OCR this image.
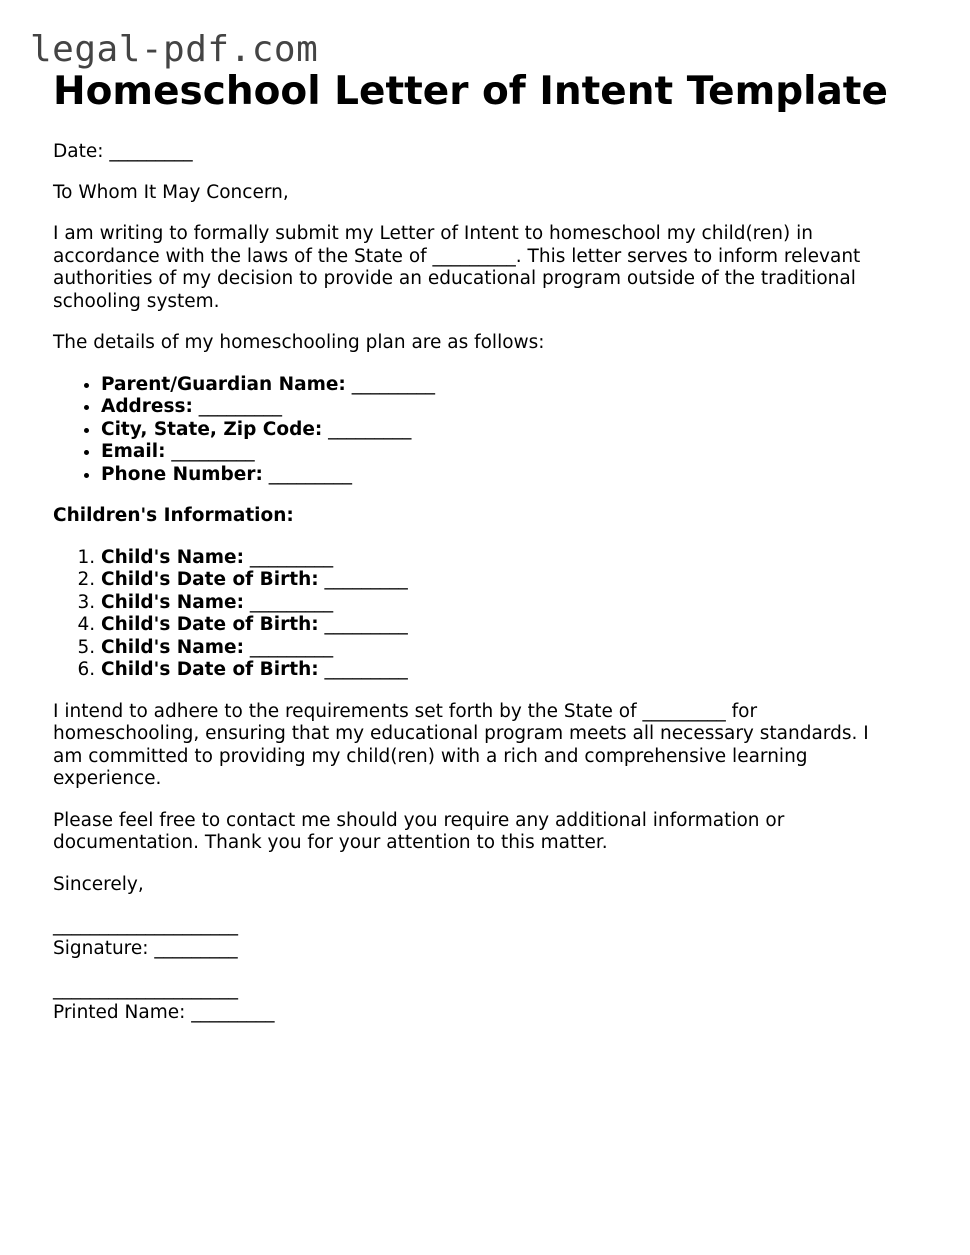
legal-pdf.com
Homeschool Letter of Intent Template

Date: _________

To Whom It May Concern,

I am writing to formally submit my Letter of Intent to homeschool my child(ren) in accordance with the laws of the State of _________. This letter serves to inform relevant authorities of my decision to provide an educational program outside of the traditional schooling system.

The details of my homeschooling plan are as follows:

• Parent/Guardian Name: _________
• Address: _________
• City, State, Zip Code: _________
• Email: _________
• Phone Number: _________

Children's Information:

1. Child's Name: _________
2. Child's Date of Birth: _________
3. Child's Name: _________
4. Child's Date of Birth: _________
5. Child's Name: _________
6. Child's Date of Birth: _________

I intend to adhere to the requirements set forth by the State of _________ for homeschooling, ensuring that my educational program meets all necessary standards. I am committed to providing my child(ren) with a rich and comprehensive learning experience.

Please feel free to contact me should you require any additional information or documentation. Thank you for your attention to this matter.

Sincerely,

____________________

Signature: _________

____________________

Printed Name: _________
